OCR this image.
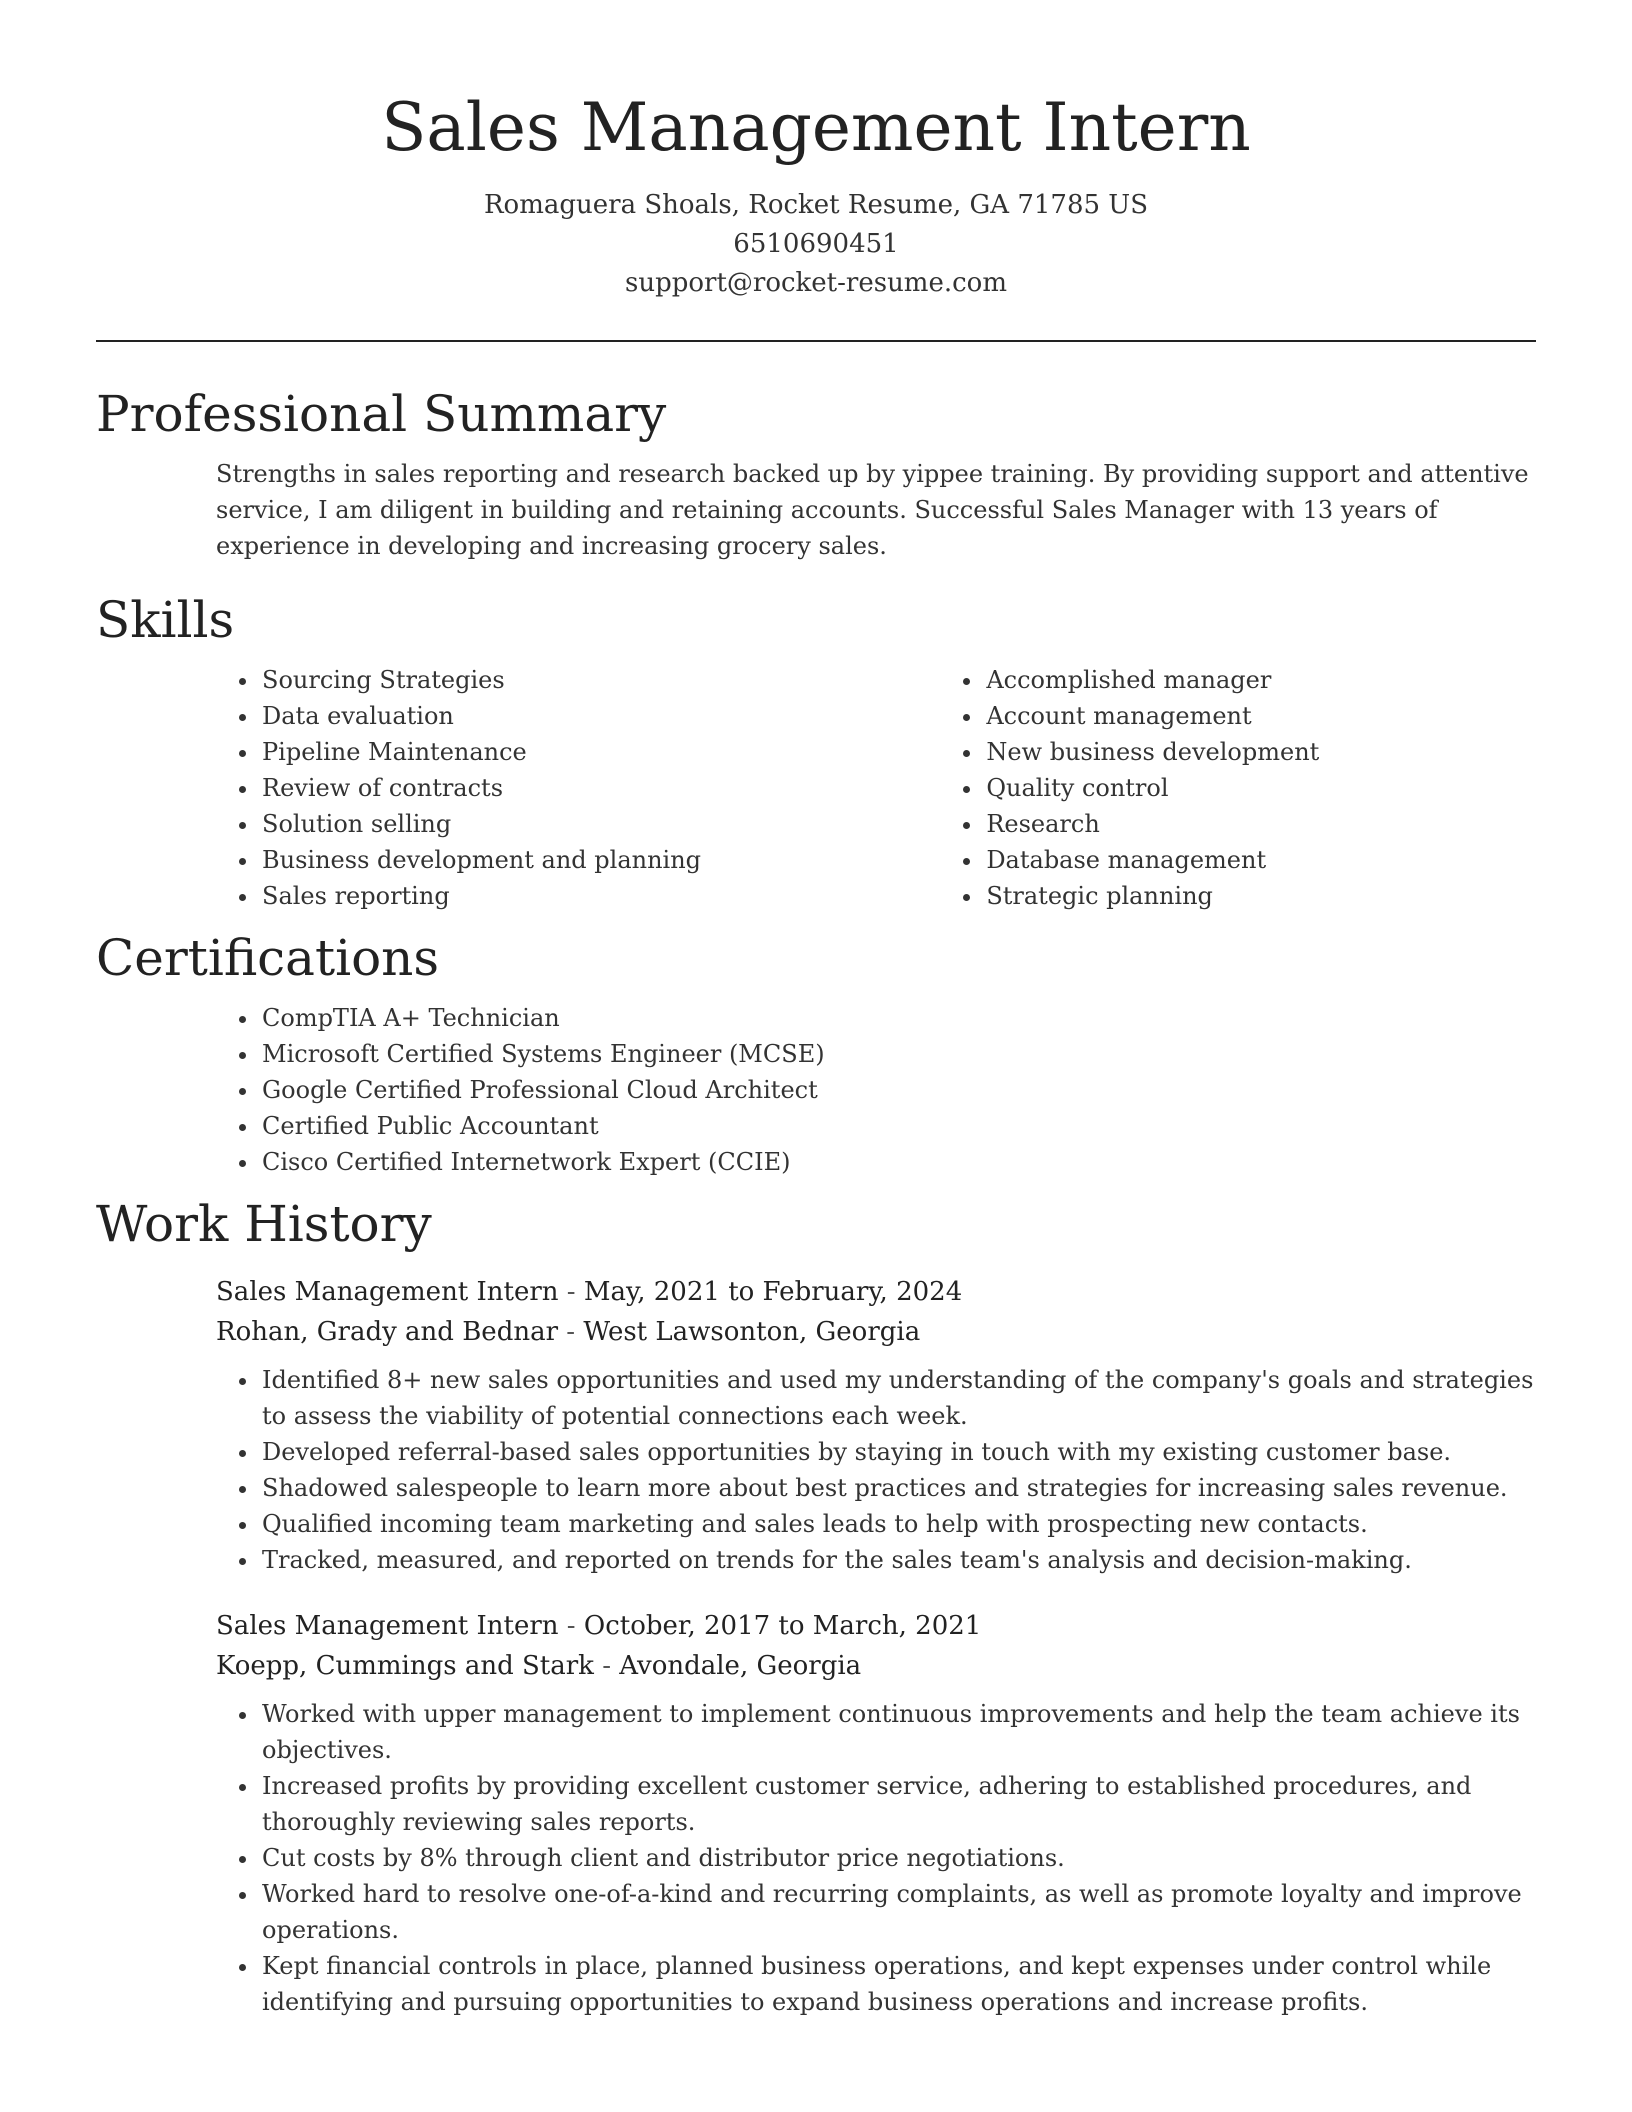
Sales Management Intern
Romaguera Shoals, Rocket Resume, GA 71785 US
6510690451
support@rocket-resume.com
Professional Summary

Strengths in sales reporting and research backed up by yippee training. By providing support and attentive service, I am diligent in building and retaining accounts. Successful Sales Manager with 13 years of experience in developing and increasing grocery sales.

Skills
• Sourcing Strategies
• Data evaluation
• Pipeline Maintenance
• Review of contracts
• Solution selling
• Business development and planning
• Sales reporting
• Accomplished manager
• Account management
• New business development
• Quality control
• Research
• Database management
• Strategic planning
Certifications
• CompTIA A+ Technician
• Microsoft Certified Systems Engineer (MCSE)
• Google Certified Professional Cloud Architect
• Certified Public Accountant
• Cisco Certified Internetwork Expert (CCIE)
Work History
Sales Management Intern - May, 2021 to February, 2024
Rohan, Grady and Bednar - West Lawsonton, Georgia
• Identified 8+ new sales opportunities and used my understanding of the company's goals and strategies to assess the viability of potential connections each week.
• Developed referral-based sales opportunities by staying in touch with my existing customer base.
• Shadowed salespeople to learn more about best practices and strategies for increasing sales revenue.
• Qualified incoming team marketing and sales leads to help with prospecting new contacts.
• Tracked, measured, and reported on trends for the sales team's analysis and decision-making.
Sales Management Intern - October, 2017 to March, 2021
Koepp, Cummings and Stark - Avondale, Georgia
• Worked with upper management to implement continuous improvements and help the team achieve its objectives.
• Increased profits by providing excellent customer service, adhering to established procedures, and thoroughly reviewing sales reports.
• Cut costs by 8% through client and distributor price negotiations.
• Worked hard to resolve one-of-a-kind and recurring complaints, as well as promote loyalty and improve operations.
• Kept financial controls in place, planned business operations, and kept expenses under control while identifying and pursuing opportunities to expand business operations and increase profits.
